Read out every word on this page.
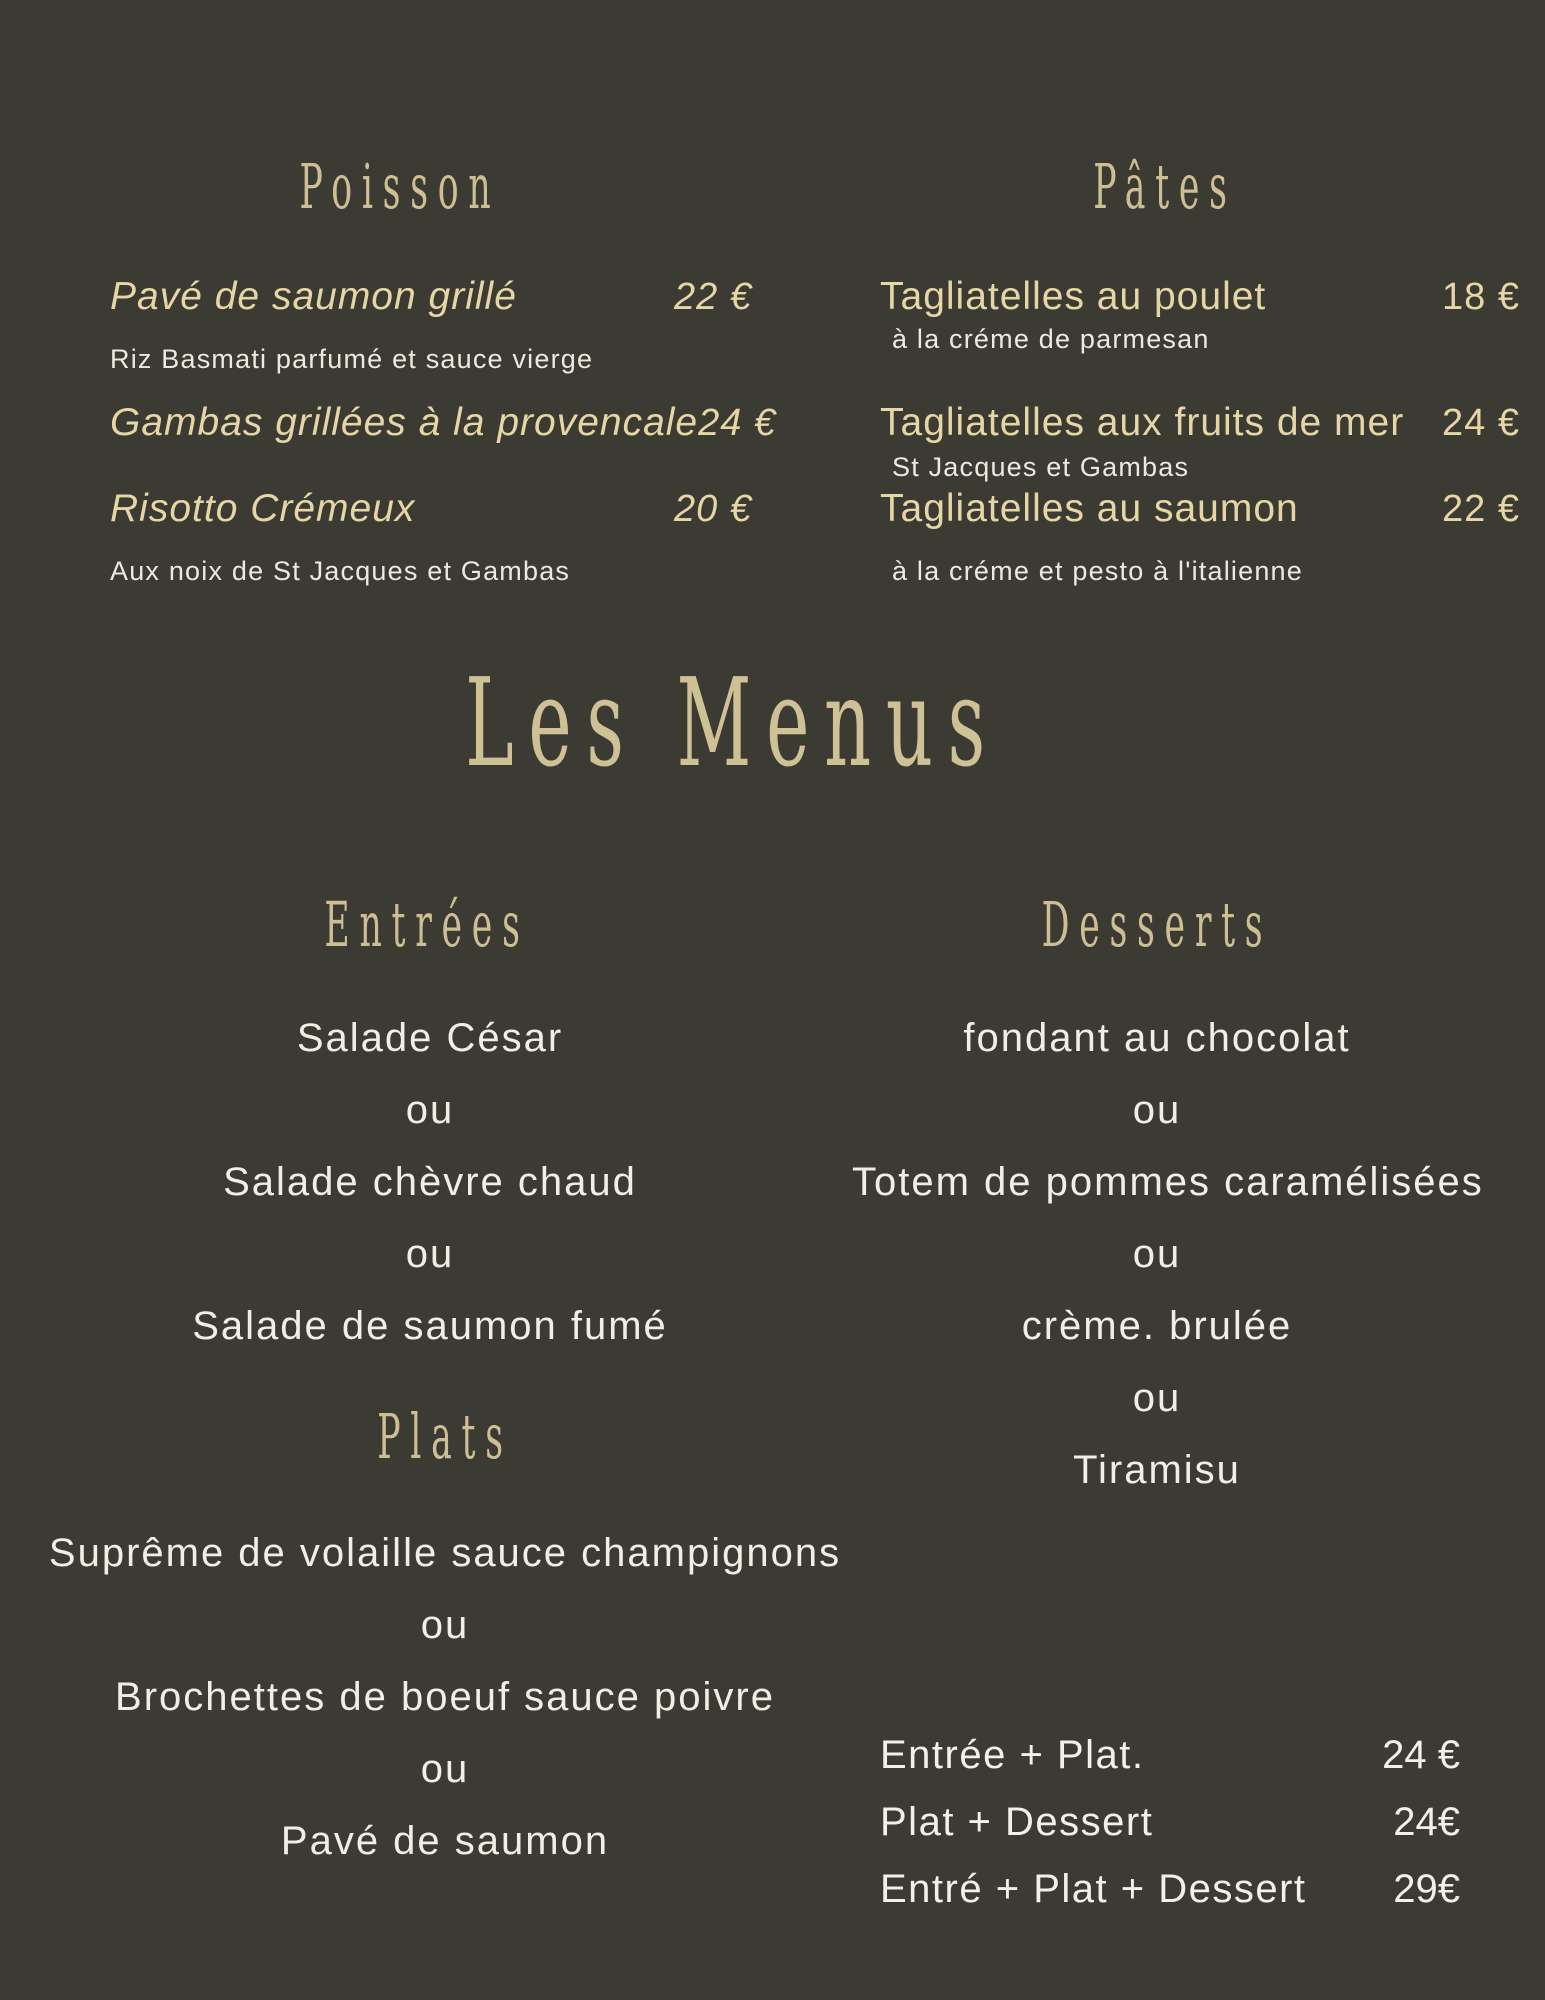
Poisson
Pavé de saumon grillé	22 €
Riz Basmati parfumé et sauce vierge
Gambas grillées à la provencale 24 €
Risotto Crémeux	20 €
Aux noix de St Jacques et Gambas
Pâtes
Tagliatelles au poulet	18 €
à la créme de parmesan
Tagliatelles aux fruits de mer 24 €
St Jacques et Gambas
Tagliatelles au saumon	22 €
à la créme et pesto à l'italienne
Les Menus
Entrées
Salade César
ou
Salade chèvre chaud
ou
Salade de saumon fumé
Desserts
fondant au chocolat
ou
Totem de pommes caramélisées
ou
crème. brulée
ou
Tiramisu
Plats
Suprême de volaille sauce champignons
ou
Brochettes de boeuf sauce poivre
ou
Pavé de saumon
Entrée + Plat.	24 €
Plat + Dessert	24€
Entré + Plat + Dessert 29€
